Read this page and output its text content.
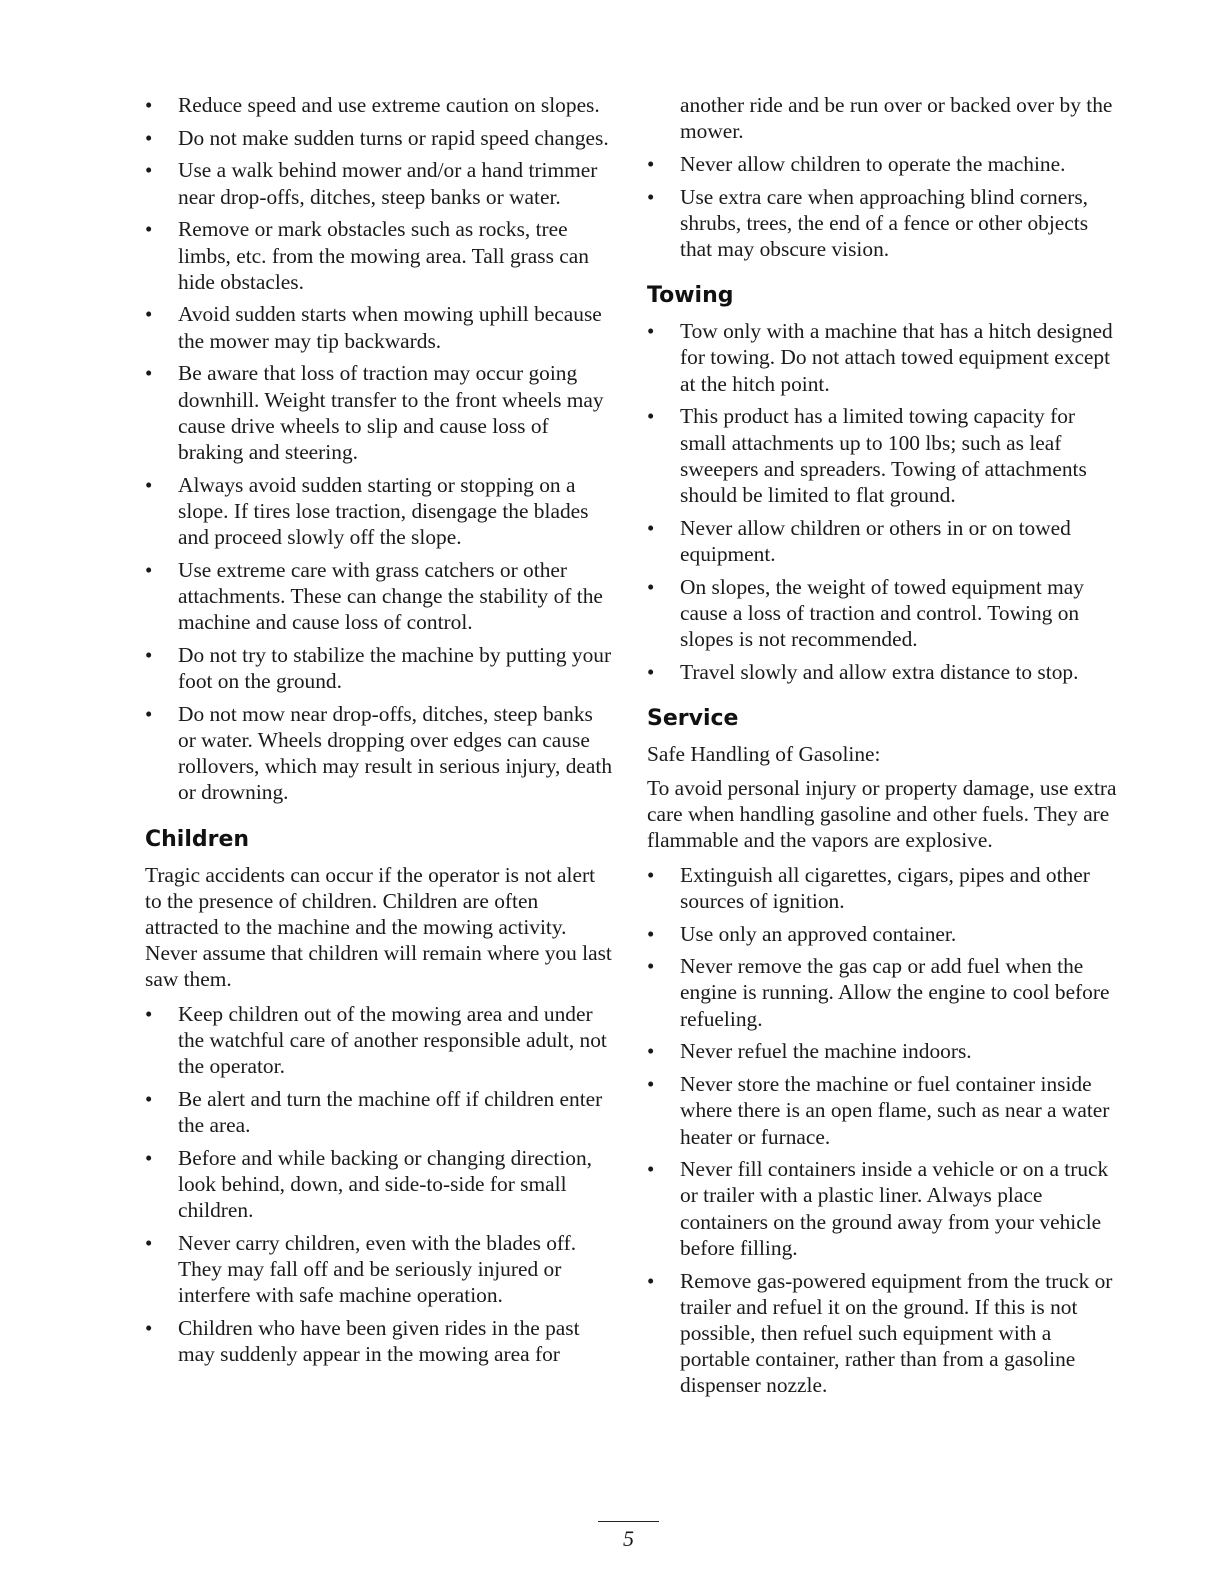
• Reduce speed and use extreme caution on slopes.
• Do not make sudden turns or rapid speed changes.
• Use a walk behind mower and/or a hand trimmer near drop-offs, ditches, steep banks or water.
• Remove or mark obstacles such as rocks, tree limbs, etc. from the mowing area. Tall grass can hide obstacles.
• Avoid sudden starts when mowing uphill because the mower may tip backwards.
• Be aware that loss of traction may occur going downhill. Weight transfer to the front wheels may cause drive wheels to slip and cause loss of braking and steering.
• Always avoid sudden starting or stopping on a slope. If tires lose traction, disengage the blades and proceed slowly off the slope.
• Use extreme care with grass catchers or other attachments. These can change the stability of the machine and cause loss of control.
• Do not try to stabilize the machine by putting your foot on the ground.
• Do not mow near drop-offs, ditches, steep banks or water. Wheels dropping over edges can cause rollovers, which may result in serious injury, death or drowning.
Children

Tragic accidents can occur if the operator is not alert to the presence of children. Children are often attracted to the machine and the mowing activity. Never assume that children will remain where you last saw them.

• Keep children out of the mowing area and under the watchful care of another responsible adult, not the operator.
• Be alert and turn the machine off if children enter the area.
• Before and while backing or changing direction, look behind, down, and side-to-side for small children.
• Never carry children, even with the blades off. They may fall off and be seriously injured or interfere with safe machine operation.
• Children who have been given rides in the past may suddenly appear in the mowing area for

another ride and be run over or backed over by the mower.

• Never allow children to operate the machine.
• Use extra care when approaching blind corners, shrubs, trees, the end of a fence or other objects that may obscure vision.
Towing
• Tow only with a machine that has a hitch designed for towing. Do not attach towed equipment except at the hitch point.
• This product has a limited towing capacity for small attachments up to 100 lbs; such as leaf sweepers and spreaders. Towing of attachments should be limited to flat ground.
• Never allow children or others in or on towed equipment.
• On slopes, the weight of towed equipment may cause a loss of traction and control. Towing on slopes is not recommended.
• Travel slowly and allow extra distance to stop.
Service

Safe Handling of Gasoline:

To avoid personal injury or property damage, use extra care when handling gasoline and other fuels. They are flammable and the vapors are explosive.

• Extinguish all cigarettes, cigars, pipes and other sources of ignition.
• Use only an approved container.
• Never remove the gas cap or add fuel when the engine is running. Allow the engine to cool before refueling.
• Never refuel the machine indoors.
• Never store the machine or fuel container inside where there is an open flame, such as near a water heater or furnace.
• Never fill containers inside a vehicle or on a truck or trailer with a plastic liner. Always place containers on the ground away from your vehicle before filling.
• Remove gas-powered equipment from the truck or trailer and refuel it on the ground. If this is not possible, then refuel such equipment with a portable container, rather than from a gasoline dispenser nozzle.
5
